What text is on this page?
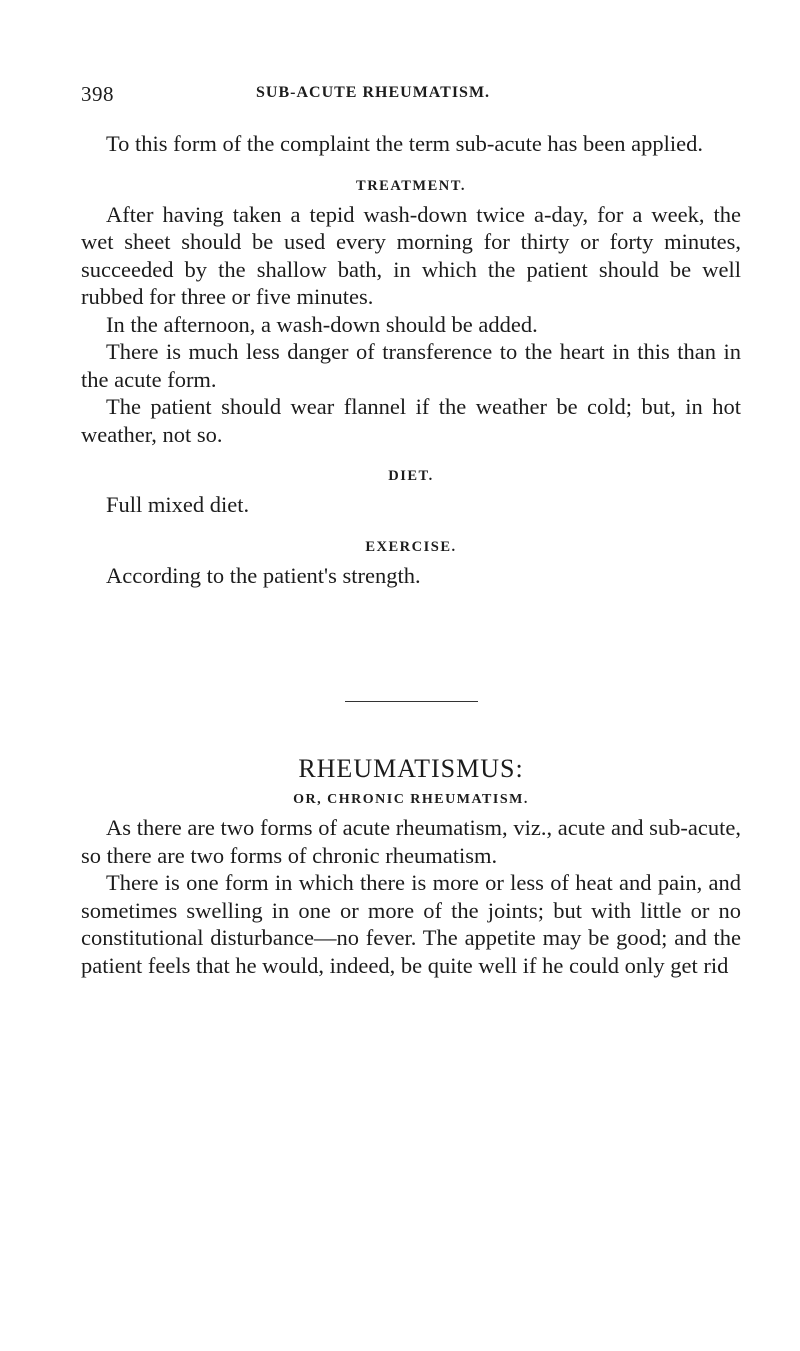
398	SUB-ACUTE RHEUMATISM.

To this form of the complaint the term sub-acute has been applied.

TREATMENT.

After having taken a tepid wash-down twice a-day, for a week, the wet sheet should be used every morning for thirty or forty minutes, succeeded by the shallow bath, in which the patient should be well rubbed for three or five minutes.

In the afternoon, a wash-down should be added.

There is much less danger of transference to the heart in this than in the acute form.

The patient should wear flannel if the weather be cold; but, in hot weather, not so.

DIET.

Full mixed diet.

EXERCISE.

According to the patient's strength.

RHEUMATISMUS:
OR, CHRONIC RHEUMATISM.

As there are two forms of acute rheumatism, viz., acute and sub-acute, so there are two forms of chronic rheumatism.

There is one form in which there is more or less of heat and pain, and sometimes swelling in one or more of the joints; but with little or no constitutional disturbance—no fever. The appetite may be good; and the patient feels that he would, indeed, be quite well if he could only get rid
